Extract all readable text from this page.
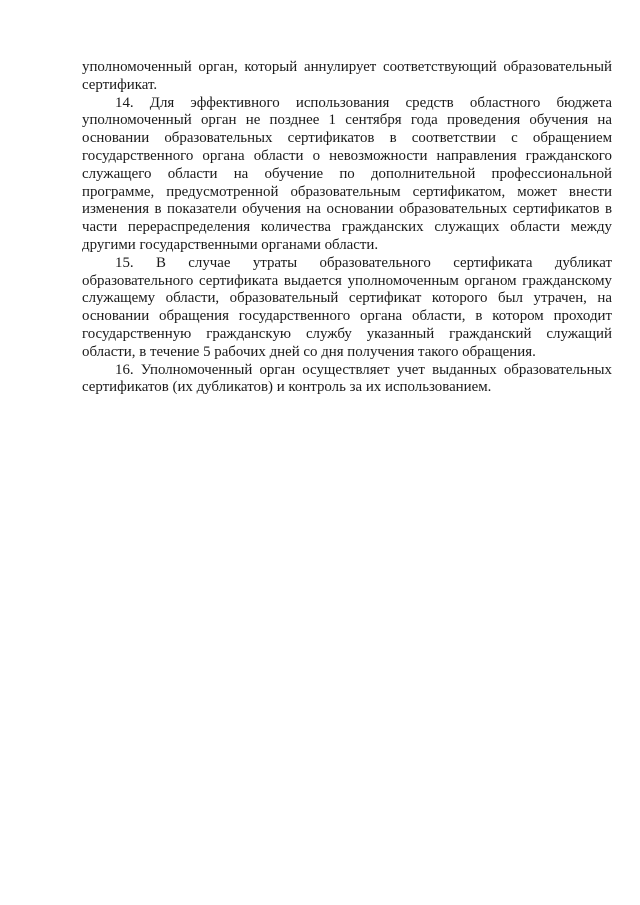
уполномоченный орган, который аннулирует соответствующий образовательный сертификат.

14. Для эффективного использования средств областного бюджета уполномоченный орган не позднее 1 сентября года проведения обучения на основании образовательных сертификатов в соответствии с обращением государственного органа области о невозможности направления гражданского служащего области на обучение по дополнительной профессиональной программе, предусмотренной образовательным сертификатом, может внести изменения в показатели обучения на основании образовательных сертификатов в части перераспределения количества гражданских служащих области между другими государственными органами области.

15. В случае утраты образовательного сертификата дубликат образовательного сертификата выдается уполномоченным органом гражданскому служащему области, образовательный сертификат которого был утрачен, на основании обращения государственного органа области, в котором проходит государственную гражданскую службу указанный гражданский служащий области, в течение 5 рабочих дней со дня получения такого обращения.

16. Уполномоченный орган осуществляет учет выданных образовательных сертификатов (их дубликатов) и контроль за их использованием.
